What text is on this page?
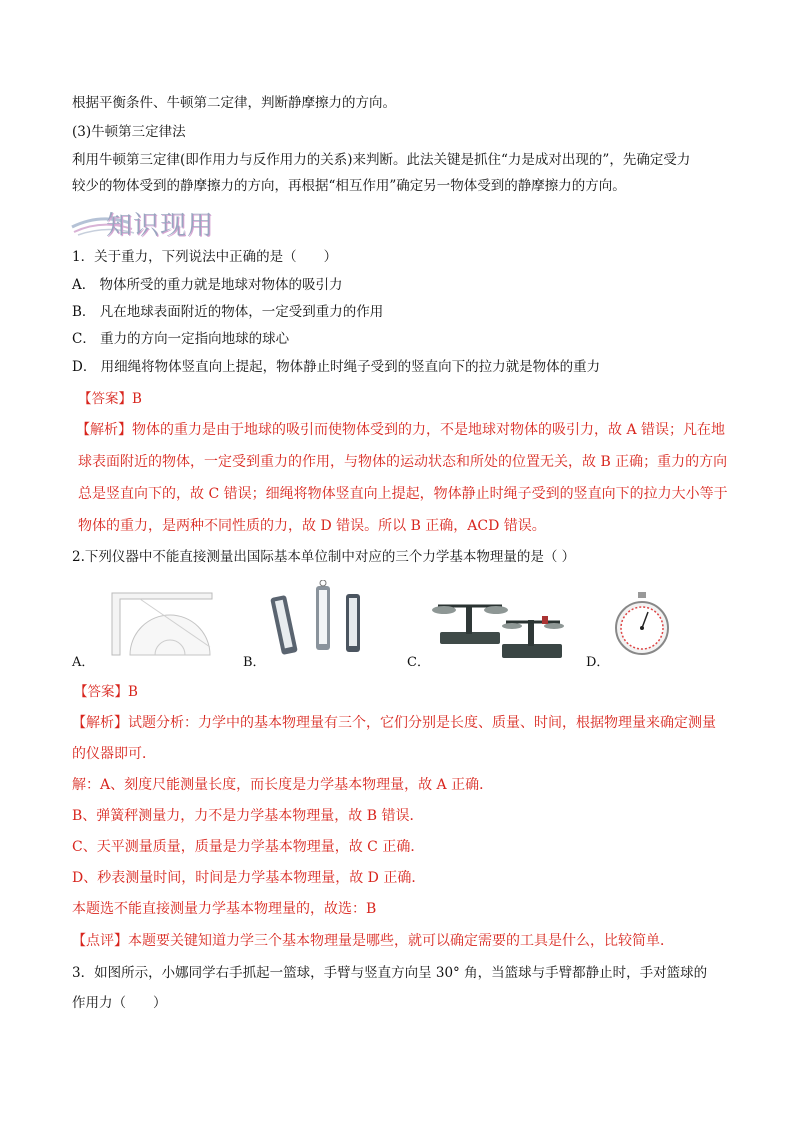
根据平衡条件、牛顿第二定律，判断静摩擦力的方向。
(3)牛顿第三定律法
利用牛顿第三定律(即作用力与反作用力的关系)来判断。此法关键是抓住“力是成对出现的”，先确定受力
较少的物体受到的静摩擦力的方向，再根据“相互作用”确定另一物体受到的静摩擦力的方向。
知识现用
1．关于重力，下列说法中正确的是（　　）
A． 物体所受的重力就是地球对物体的吸引力
B． 凡在地球表面附近的物体，一定受到重力的作用
C． 重力的方向一定指向地球的球心
D． 用细绳将物体竖直向上提起，物体静止时绳子受到的竖直向下的拉力就是物体的重力
【答案】B
【解析】物体的重力是由于地球的吸引而使物体受到的力，不是地球对物体的吸引力，故 A 错误；凡在地
球表面附近的物体，一定受到重力的作用，与物体的运动状态和所处的位置无关，故 B 正确；重力的方向
总是竖直向下的，故 C 错误；细绳将物体竖直向上提起，物体静止时绳子受到的竖直向下的拉力大小等于
物体的重力，是两种不同性质的力，故 D 错误。所以 B 正确，ACD 错误。
2.下列仪器中不能直接测量出国际基本单位制中对应的三个力学基本物理量的是（ ）
A．	B．	C．	D．
【答案】B
【解析】试题分析：力学中的基本物理量有三个，它们分别是长度、质量、时间，根据物理量来确定测量
的仪器即可．
解：A、刻度尺能测量长度，而长度是力学基本物理量，故 A 正确．
B、弹簧秤测量力，力不是力学基本物理量，故 B 错误．
C、天平测量质量，质量是力学基本物理量，故 C 正确．
D、秒表测量时间，时间是力学基本物理量，故 D 正确．
本题选不能直接测量力学基本物理量的，故选：B
【点评】本题要关键知道力学三个基本物理量是哪些，就可以确定需要的工具是什么，比较简单．
3．如图所示，小娜同学右手抓起一篮球，手臂与竖直方向呈 30° 角，当篮球与手臂都静止时，手对篮球的
作用力（　　）
